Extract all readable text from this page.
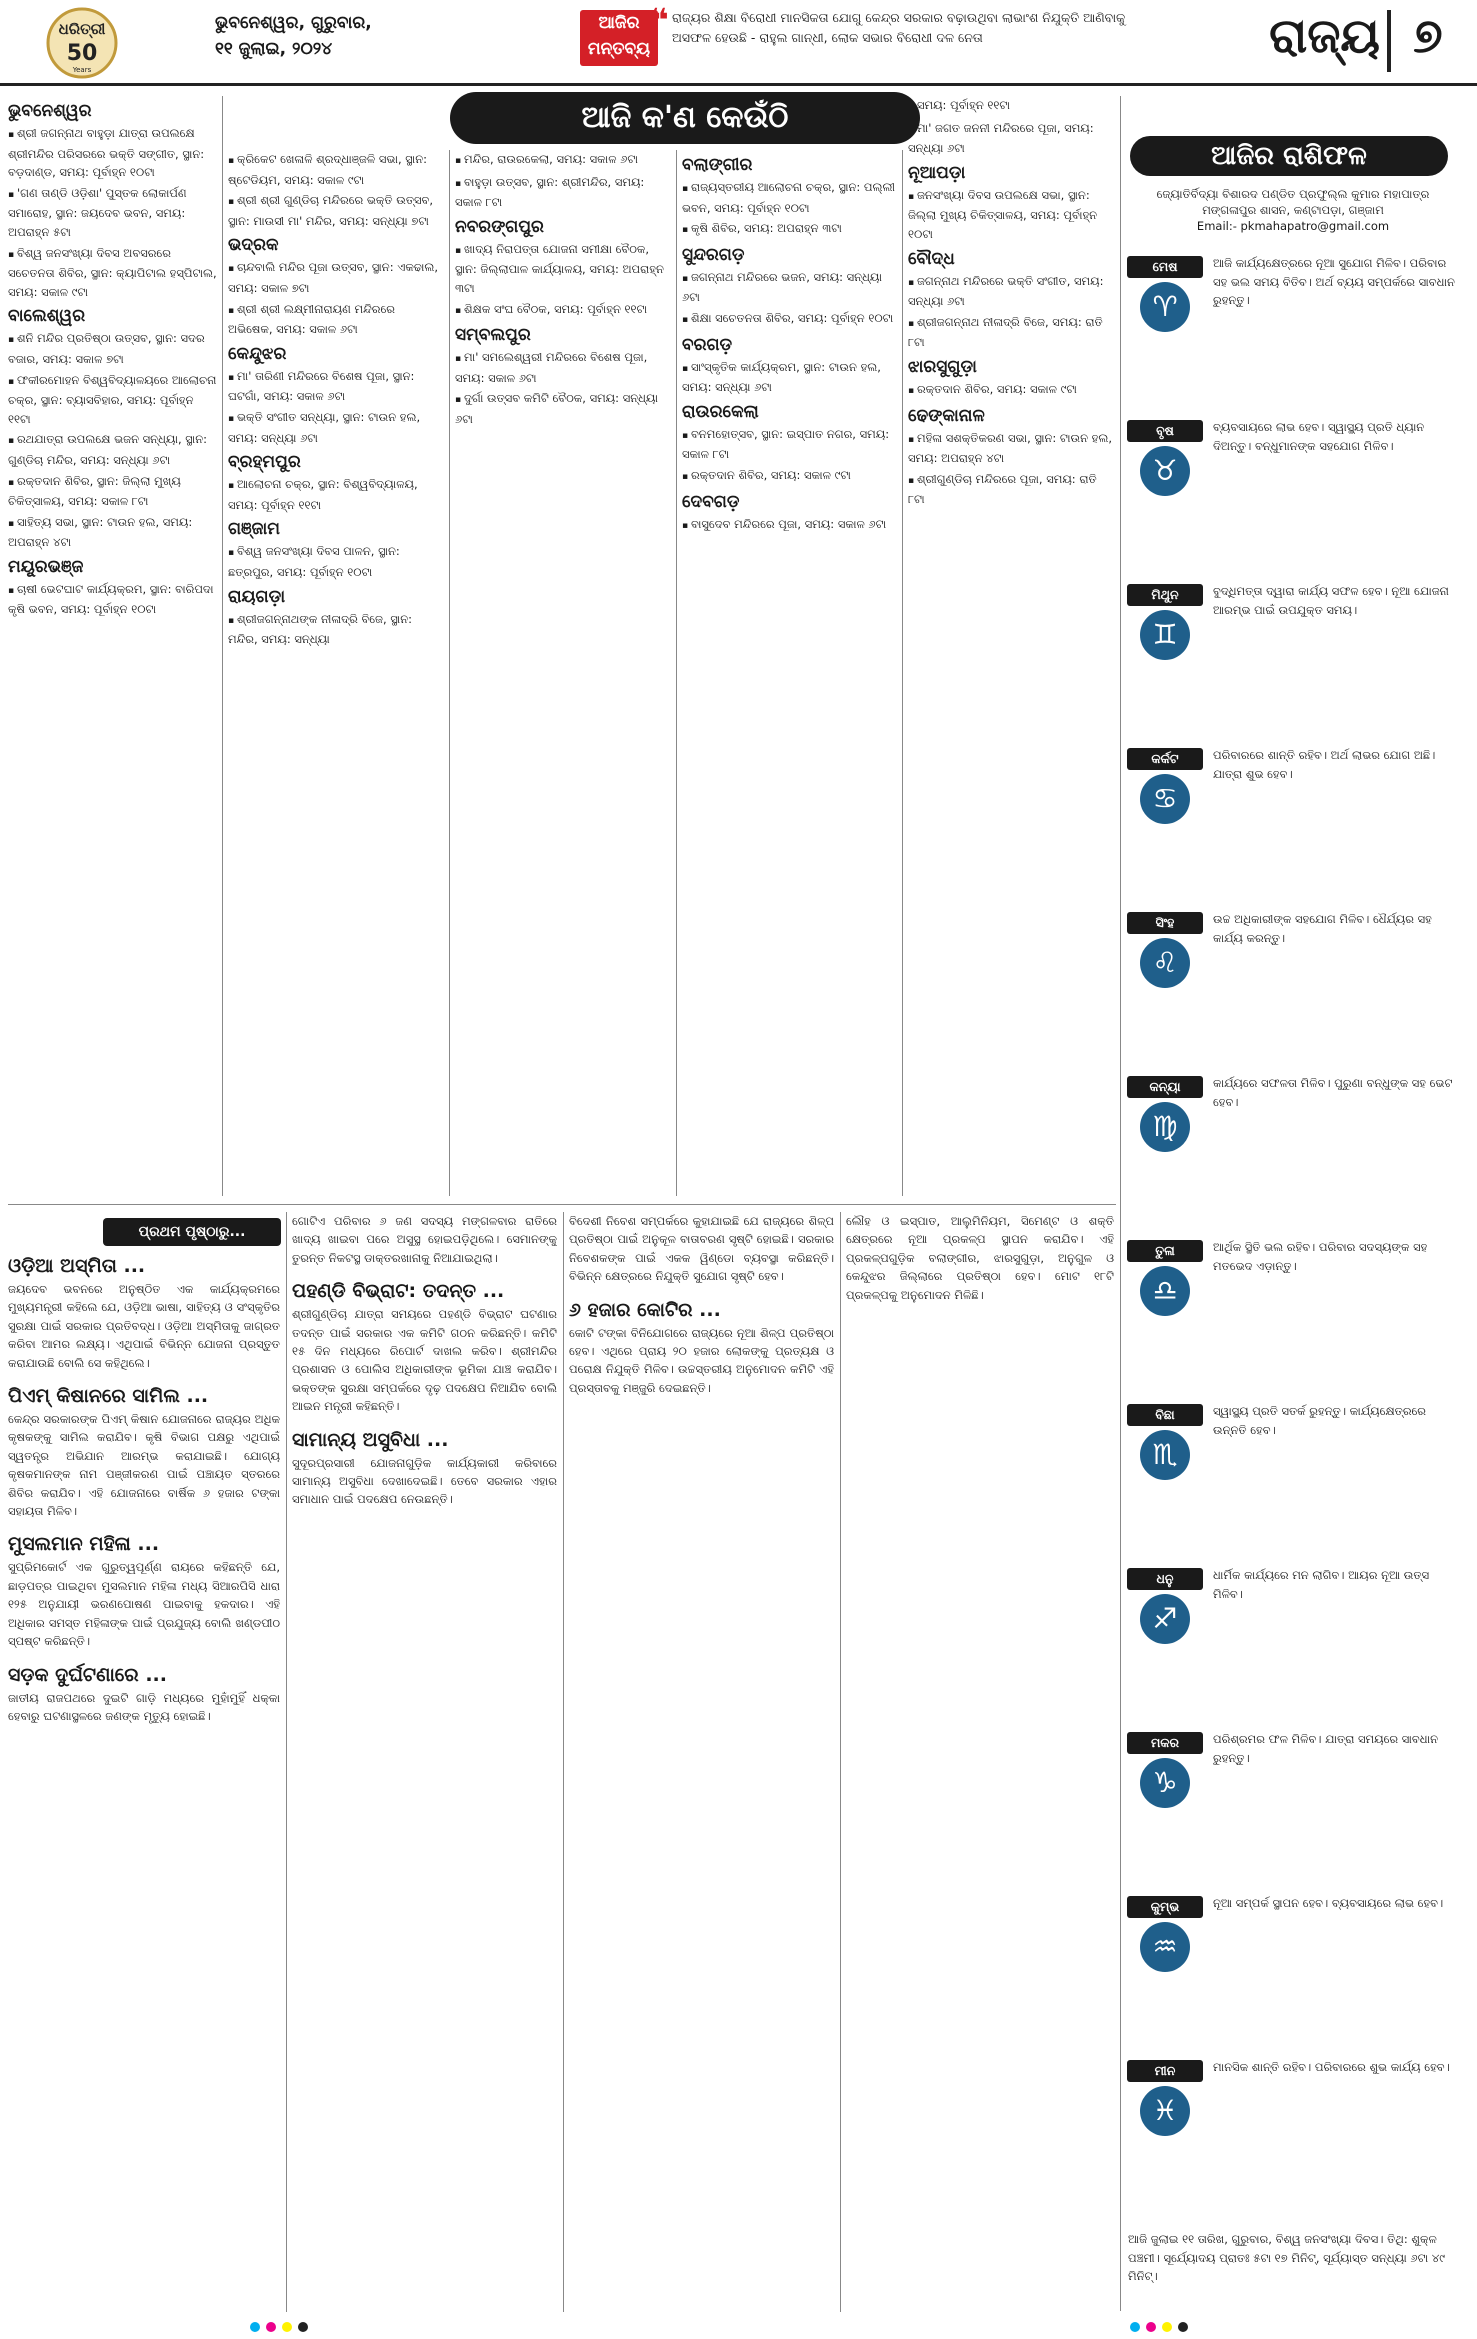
ଧରିତ୍ରୀ
50
Years
ଭୁବନେଶ୍ୱର, ଗୁରୁବାର,
୧୧ ଜୁଲାଇ, ୨୦୨୪
ଆଜିର ମନ୍ତବ୍ୟ
❝ ରାଜ୍ୟର ଶିକ୍ଷା ବିରୋଧୀ ମାନସିକତା ଯୋଗୁ କେନ୍ଦ୍ର ସରକାର ବଢ଼ାଉଥିବା ଲାଭାଂଶ ନିଯୁକ୍ତି ଆଣିବାକୁ ଅସଫଳ ହେଉଛି - ରାହୁଲ ଗାନ୍ଧୀ, ଲୋକ ସଭାର ବିରୋଧୀ ଦଳ ନେତା	ରାଜ୍ୟ ୭
ଆଜି କ'ଣ କେଉଁଠି
ଭୁବନେଶ୍ୱର
▪ ଶ୍ରୀ ଜଗନ୍ନାଥ ବାହୁଡ଼ା ଯାତ୍ରା ଉପଲକ୍ଷେ ଶ୍ରୀମନ୍ଦିର ପରିସରରେ ଭକ୍ତି ସଙ୍ଗୀତ, ସ୍ଥାନ: ବଡ଼ଦାଣ୍ଡ, ସମୟ: ପୂର୍ବାହ୍ନ ୧୦ଟା
▪ 'ଗଣ ତାଣ୍ଡି ଓଡ଼ିଶା' ପୁସ୍ତକ ଲୋକାର୍ପଣ ସମାରୋହ, ସ୍ଥାନ: ଜୟଦେବ ଭବନ, ସମୟ: ଅପରାହ୍ନ ୫ଟା
▪ ବିଶ୍ୱ ଜନସଂଖ୍ୟା ଦିବସ ଅବସରରେ ସଚେତନତା ଶିବିର, ସ୍ଥାନ: କ୍ୟାପିଟାଲ ହସ୍ପିଟାଲ, ସମୟ: ସକାଳ ୯ଟା
ବାଲେଶ୍ୱର
▪ ଶନି ମନ୍ଦିର ପ୍ରତିଷ୍ଠା ଉତ୍ସବ, ସ୍ଥାନ: ସଦର ବଜାର, ସମୟ: ସକାଳ ୭ଟା
▪ ଫକୀରମୋହନ ବିଶ୍ୱବିଦ୍ୟାଳୟରେ ଆଲୋଚନା ଚକ୍ର, ସ୍ଥାନ: ବ୍ୟାସବିହାର, ସମୟ: ପୂର୍ବାହ୍ନ ୧୧ଟା
▪ ରଥଯାତ୍ରା ଉପଲକ୍ଷେ ଭଜନ ସନ୍ଧ୍ୟା, ସ୍ଥାନ: ଗୁଣ୍ଡିଚା ମନ୍ଦିର, ସମୟ: ସନ୍ଧ୍ୟା ୬ଟା
▪ ରକ୍ତଦାନ ଶିବିର, ସ୍ଥାନ: ଜିଲ୍ଲା ମୁଖ୍ୟ ଚିକିତ୍ସାଳୟ, ସମୟ: ସକାଳ ୮ଟା
▪ ସାହିତ୍ୟ ସଭା, ସ୍ଥାନ: ଟାଉନ ହଲ, ସମୟ: ଅପରାହ୍ନ ୪ଟା
ମୟୂରଭଞ୍ଜ
▪ ଚାଷୀ ଭେଟଘାଟ କାର୍ଯ୍ୟକ୍ରମ, ସ୍ଥାନ: ବାରିପଦା କୃଷି ଭବନ, ସମୟ: ପୂର୍ବାହ୍ନ ୧୦ଟା
▪ କ୍ରିକେଟ ଖେଳାଳି ଶ୍ରଦ୍ଧାଞ୍ଜଳି ସଭା, ସ୍ଥାନ: ଷ୍ଟେଡିୟମ, ସମୟ: ସକାଳ ୯ଟା
▪ ଶ୍ରୀ ଶ୍ରୀ ଗୁଣ୍ଡିଚା ମନ୍ଦିରରେ ଭକ୍ତି ଉତ୍ସବ, ସ୍ଥାନ: ମାଉସୀ ମା' ମନ୍ଦିର, ସମୟ: ସନ୍ଧ୍ୟା ୭ଟା
ଭଦ୍ରକ
▪ ଚାନ୍ଦବାଲି ମନ୍ଦିର ପୂଜା ଉତ୍ସବ, ସ୍ଥାନ: ଏକଢାଲ, ସମୟ: ସକାଳ ୭ଟା
▪ ଶ୍ରୀ ଶ୍ରୀ ଲକ୍ଷ୍ମୀନାରାୟଣ ମନ୍ଦିରରେ ଅଭିଷେକ, ସମୟ: ସକାଳ ୬ଟା
କେନ୍ଦୁଝର
▪ ମା' ତାରିଣୀ ମନ୍ଦିରରେ ବିଶେଷ ପୂଜା, ସ୍ଥାନ: ଘଟଗାଁ, ସମୟ: ସକାଳ ୬ଟା
▪ ଭକ୍ତି ସଂଗୀତ ସନ୍ଧ୍ୟା, ସ୍ଥାନ: ଟାଉନ ହଲ, ସମୟ: ସନ୍ଧ୍ୟା ୬ଟା
ବ୍ରହ୍ମପୁର
▪ ଆଲୋଚନା ଚକ୍ର, ସ୍ଥାନ: ବିଶ୍ୱବିଦ୍ୟାଳୟ, ସମୟ: ପୂର୍ବାହ୍ନ ୧୧ଟା
ଗଞ୍ଜାମ
▪ ବିଶ୍ୱ ଜନସଂଖ୍ୟା ଦିବସ ପାଳନ, ସ୍ଥାନ: ଛତ୍ରପୁର, ସମୟ: ପୂର୍ବାହ୍ନ ୧୦ଟା
ରାୟଗଡ଼ା
▪ ଶ୍ରୀଜଗନ୍ନାଥଙ୍କ ନୀଳାଦ୍ରି ବିଜେ, ସ୍ଥାନ: ମନ୍ଦିର, ସମୟ: ସନ୍ଧ୍ୟା
▪ ମନ୍ଦିର, ରାଉରକେଲା, ସମୟ: ସକାଳ ୬ଟା
▪ ବାହୁଡ଼ା ଉତ୍ସବ, ସ୍ଥାନ: ଶ୍ରୀମନ୍ଦିର, ସମୟ: ସକାଳ ୮ଟା
ନବରଙ୍ଗପୁର
▪ ଖାଦ୍ୟ ନିରାପତ୍ତା ଯୋଜନା ସମୀକ୍ଷା ବୈଠକ, ସ୍ଥାନ: ଜିଲ୍ଲାପାଳ କାର୍ଯ୍ୟାଳୟ, ସମୟ: ଅପରାହ୍ନ ୩ଟା
▪ ଶିକ୍ଷକ ସଂଘ ବୈଠକ, ସମୟ: ପୂର୍ବାହ୍ନ ୧୧ଟା
ସମ୍ବଲପୁର
▪ ମା' ସମଲେଶ୍ୱରୀ ମନ୍ଦିରରେ ବିଶେଷ ପୂଜା, ସମୟ: ସକାଳ ୬ଟା
▪ ଦୁର୍ଗା ଉତ୍ସବ କମିଟି ବୈଠକ, ସମୟ: ସନ୍ଧ୍ୟା ୬ଟା
ବଲାଙ୍ଗୀର
▪ ରାଜ୍ୟସ୍ତରୀୟ ଆଲୋଚନା ଚକ୍ର, ସ୍ଥାନ: ପଲ୍ଲୀ ଭବନ, ସମୟ: ପୂର୍ବାହ୍ନ ୧୦ଟା
▪ କୃଷି ଶିବିର, ସମୟ: ଅପରାହ୍ନ ୩ଟା
ସୁନ୍ଦରଗଡ଼
▪ ଜଗନ୍ନାଥ ମନ୍ଦିରରେ ଭଜନ, ସମୟ: ସନ୍ଧ୍ୟା ୬ଟା
▪ ଶିକ୍ଷା ସଚେତନତା ଶିବିର, ସମୟ: ପୂର୍ବାହ୍ନ ୧୦ଟା
ବରଗଡ଼
▪ ସାଂସ୍କୃତିକ କାର୍ଯ୍ୟକ୍ରମ, ସ୍ଥାନ: ଟାଉନ ହଲ, ସମୟ: ସନ୍ଧ୍ୟା ୬ଟା
ରାଉରକେଲା
▪ ବନମହୋତ୍ସବ, ସ୍ଥାନ: ଇସ୍ପାତ ନଗର, ସମୟ: ସକାଳ ୮ଟା
▪ ରକ୍ତଦାନ ଶିବିର, ସମୟ: ସକାଳ ୯ଟା
ଦେବଗଡ଼
▪ ବାସୁଦେବ ମନ୍ଦିରରେ ପୂଜା, ସମୟ: ସକାଳ ୬ଟା
▪ ସମୟ: ପୂର୍ବାହ୍ନ ୧୧ଟା
▪ ମା' ଜଗତ ଜନନୀ ମନ୍ଦିରରେ ପୂଜା, ସମୟ: ସନ୍ଧ୍ୟା ୬ଟା
ନୂଆପଡ଼ା
▪ ଜନସଂଖ୍ୟା ଦିବସ ଉପଲକ୍ଷେ ସଭା, ସ୍ଥାନ: ଜିଲ୍ଲା ମୁଖ୍ୟ ଚିକିତ୍ସାଳୟ, ସମୟ: ପୂର୍ବାହ୍ନ ୧୦ଟା
ବୌଦ୍ଧ
▪ ଜଗନ୍ନାଥ ମନ୍ଦିରରେ ଭକ୍ତି ସଂଗୀତ, ସମୟ: ସନ୍ଧ୍ୟା ୬ଟା
▪ ଶ୍ରୀଜଗନ୍ନାଥ ନୀଳାଦ୍ରି ବିଜେ, ସମୟ: ରାତି ୮ଟା
ଝାରସୁଗୁଡ଼ା
▪ ରକ୍ତଦାନ ଶିବିର, ସମୟ: ସକାଳ ୯ଟା
ଢେଙ୍କାନାଳ
▪ ମହିଳା ସଶକ୍ତିକରଣ ସଭା, ସ୍ଥାନ: ଟାଉନ ହଲ, ସମୟ: ଅପରାହ୍ନ ୪ଟା
▪ ଶ୍ରୀଗୁଣ୍ଡିଚା ମନ୍ଦିରରେ ପୂଜା, ସମୟ: ରାତି ୮ଟା
ଆଜିର ରାଶିଫଳ
ଜ୍ୟୋତିର୍ବିଦ୍ୟା ବିଶାରଦ ପଣ୍ଡିତ ପ୍ରଫୁଲ୍ଲ କୁମାର ମହାପାତ୍ର
ମଙ୍ଗଳାପୁର ଶାସନ, କଣ୍ଟାପଡ଼ା, ଗଞ୍ଜାମ
Email:- pkmahapatro@gmail.com
ମେଷ
♈
ଆଜି କାର୍ଯ୍ୟକ୍ଷେତ୍ରରେ ନୂଆ ସୁଯୋଗ ମିଳିବ। ପରିବାର ସହ ଭଲ ସମୟ ବିତିବ। ଅର୍ଥ ବ୍ୟୟ ସମ୍ପର୍କରେ ସାବଧାନ ରୁହନ୍ତୁ।
ବୃଷ
♉
ବ୍ୟବସାୟରେ ଲାଭ ହେବ। ସ୍ୱାସ୍ଥ୍ୟ ପ୍ରତି ଧ୍ୟାନ ଦିଅନ୍ତୁ। ବନ୍ଧୁମାନଙ୍କ ସହଯୋଗ ମିଳିବ।
ମିଥୁନ
♊
ବୁଦ୍ଧିମତ୍ତା ଦ୍ୱାରା କାର୍ଯ୍ୟ ସଫଳ ହେବ। ନୂଆ ଯୋଜନା ଆରମ୍ଭ ପାଇଁ ଉପଯୁକ୍ତ ସମୟ।
କର୍କଟ
♋
ପରିବାରରେ ଶାନ୍ତି ରହିବ। ଅର୍ଥ ଲାଭର ଯୋଗ ଅଛି। ଯାତ୍ରା ଶୁଭ ହେବ।
ସିଂହ
♌
ଉଚ୍ଚ ଅଧିକାରୀଙ୍କ ସହଯୋଗ ମିଳିବ। ଧୈର୍ଯ୍ୟର ସହ କାର୍ଯ୍ୟ କରନ୍ତୁ।
କନ୍ୟା
♍
କାର୍ଯ୍ୟରେ ସଫଳତା ମିଳିବ। ପୁରୁଣା ବନ୍ଧୁଙ୍କ ସହ ଭେଟ ହେବ।
ତୁଳା
♎
ଆର୍ଥିକ ସ୍ଥିତି ଭଲ ରହିବ। ପରିବାର ସଦସ୍ୟଙ୍କ ସହ ମତଭେଦ ଏଡ଼ାନ୍ତୁ।
ବିଛା
♏
ସ୍ୱାସ୍ଥ୍ୟ ପ୍ରତି ସତର୍କ ରୁହନ୍ତୁ। କାର୍ଯ୍ୟକ୍ଷେତ୍ରରେ ଉନ୍ନତି ହେବ।
ଧନୁ
♐
ଧାର୍ମିକ କାର୍ଯ୍ୟରେ ମନ ଲାଗିବ। ଆୟର ନୂଆ ଉତ୍ସ ମିଳିବ।
ମକର
♑
ପରିଶ୍ରମର ଫଳ ମିଳିବ। ଯାତ୍ରା ସମୟରେ ସାବଧାନ ରୁହନ୍ତୁ।
କୁମ୍ଭ
♒
ନୂଆ ସମ୍ପର୍କ ସ୍ଥାପନ ହେବ। ବ୍ୟବସାୟରେ ଲାଭ ହେବ।
ମୀନ
♓
ମାନସିକ ଶାନ୍ତି ରହିବ। ପରିବାରରେ ଶୁଭ କାର୍ଯ୍ୟ ହେବ।
ଆଜି ଜୁଲାଇ ୧୧ ତାରିଖ, ଗୁରୁବାର, ବିଶ୍ୱ ଜନସଂଖ୍ୟା ଦିବସ। ତିଥି: ଶୁକ୍ଳ ପଞ୍ଚମୀ। ସୂର୍ଯ୍ୟୋଦୟ ପ୍ରାତଃ ୫ଟା ୧୭ ମିନିଟ୍, ସୂର୍ଯ୍ୟାସ୍ତ ସନ୍ଧ୍ୟା ୬ଟା ୪୯ ମିନିଟ୍।
ପ୍ରଥମ ପୃଷ୍ଠାରୁ...
ଓଡ଼ିଆ ଅସ୍ମିତା ...
ଜୟଦେବ ଭବନରେ ଅନୁଷ୍ଠିତ ଏକ କାର୍ଯ୍ୟକ୍ରମରେ ମୁଖ୍ୟମନ୍ତ୍ରୀ କହିଲେ ଯେ, ଓଡ଼ିଆ ଭାଷା, ସାହିତ୍ୟ ଓ ସଂସ୍କୃତିର ସୁରକ୍ଷା ପାଇଁ ସରକାର ପ୍ରତିବଦ୍ଧ। ଓଡ଼ିଆ ଅସ୍ମିତାକୁ ଜାଗ୍ରତ କରିବା ଆମର ଲକ୍ଷ୍ୟ। ଏଥିପାଇଁ ବିଭିନ୍ନ ଯୋଜନା ପ୍ରସ୍ତୁତ କରାଯାଉଛି ବୋଲି ସେ କହିଥିଲେ।
ପିଏମ୍ କିଷାନରେ ସାମିଲ ...
କେନ୍ଦ୍ର ସରକାରଙ୍କ ପିଏମ୍ କିଷାନ ଯୋଜନାରେ ରାଜ୍ୟର ଅଧିକ କୃଷକଙ୍କୁ ସାମିଲ କରାଯିବ। କୃଷି ବିଭାଗ ପକ୍ଷରୁ ଏଥିପାଇଁ ସ୍ୱତନ୍ତ୍ର ଅଭିଯାନ ଆରମ୍ଭ କରାଯାଇଛି। ଯୋଗ୍ୟ କୃଷକମାନଙ୍କ ନାମ ପଞ୍ଜୀକରଣ ପାଇଁ ପଞ୍ଚାୟତ ସ୍ତରରେ ଶିବିର କରାଯିବ। ଏହି ଯୋଜନାରେ ବାର୍ଷିକ ୬ ହଜାର ଟଙ୍କା ସହାୟତା ମିଳିବ।
ମୁସଲମାନ ମହିଳା ...
ସୁପ୍ରିମକୋର୍ଟ ଏକ ଗୁରୁତ୍ୱପୂର୍ଣ୍ଣ ରାୟରେ କହିଛନ୍ତି ଯେ, ଛାଡ଼ପତ୍ର ପାଇଥିବା ମୁସଲମାନ ମହିଳା ମଧ୍ୟ ସିଆରପିସି ଧାରା ୧୨୫ ଅନୁଯାୟୀ ଭରଣପୋଷଣ ପାଇବାକୁ ହକଦାର। ଏହି ଅଧିକାର ସମସ୍ତ ମହିଳାଙ୍କ ପାଇଁ ପ୍ରଯୁଜ୍ୟ ବୋଲି ଖଣ୍ଡପୀଠ ସ୍ପଷ୍ଟ କରିଛନ୍ତି।
ସଡ଼କ ଦୁର୍ଘଟଣାରେ ...
ଜାତୀୟ ରାଜପଥରେ ଦୁଇଟି ଗାଡ଼ି ମଧ୍ୟରେ ମୁହାଁମୁହିଁ ଧକ୍କା ହେବାରୁ ଘଟଣାସ୍ଥଳରେ ଜଣଙ୍କ ମୃତ୍ୟୁ ହୋଇଛି।
ଗୋଟିଏ ପରିବାର ୬ ଜଣ ସଦସ୍ୟ ମଙ୍ଗଳବାର ରାତିରେ ଖାଦ୍ୟ ଖାଇବା ପରେ ଅସୁସ୍ଥ ହୋଇପଡ଼ିଥିଲେ। ସେମାନଙ୍କୁ ତୁରନ୍ତ ନିକଟସ୍ଥ ଡାକ୍ତରଖାନାକୁ ନିଆଯାଇଥିଲା।
ପହଣ୍ଡି ବିଭ୍ରାଟ: ତଦନ୍ତ ...
ଶ୍ରୀଗୁଣ୍ଡିଚା ଯାତ୍ରା ସମୟରେ ପହଣ୍ଡି ବିଭ୍ରାଟ ଘଟଣାର ତଦନ୍ତ ପାଇଁ ସରକାର ଏକ କମିଟି ଗଠନ କରିଛନ୍ତି। କମିଟି ୧୫ ଦିନ ମଧ୍ୟରେ ରିପୋର୍ଟ ଦାଖଲ କରିବ। ଶ୍ରୀମନ୍ଦିର ପ୍ରଶାସନ ଓ ପୋଲିସ ଅଧିକାରୀଙ୍କ ଭୂମିକା ଯାଞ୍ଚ କରାଯିବ। ଭକ୍ତଙ୍କ ସୁରକ୍ଷା ସମ୍ପର୍କରେ ଦୃଢ଼ ପଦକ୍ଷେପ ନିଆଯିବ ବୋଲି ଆଇନ ମନ୍ତ୍ରୀ କହିଛନ୍ତି।
ସାମାନ୍ୟ ଅସୁବିଧା ...
ସୁଦୂରପ୍ରସାରୀ ଯୋଜନାଗୁଡ଼ିକ କାର୍ଯ୍ୟକାରୀ କରିବାରେ ସାମାନ୍ୟ ଅସୁବିଧା ଦେଖାଦେଇଛି। ତେବେ ସରକାର ଏହାର ସମାଧାନ ପାଇଁ ପଦକ୍ଷେପ ନେଉଛନ୍ତି।
ବିଦେଶୀ ନିବେଶ ସମ୍ପର୍କରେ କୁହାଯାଇଛି ଯେ ରାଜ୍ୟରେ ଶିଳ୍ପ ପ୍ରତିଷ୍ଠା ପାଇଁ ଅନୁକୂଳ ବାତାବରଣ ସୃଷ୍ଟି ହୋଇଛି। ସରକାର ନିବେଶକଙ୍କ ପାଇଁ ଏକକ ୱିଣ୍ଡୋ ବ୍ୟବସ୍ଥା କରିଛନ୍ତି। ବିଭିନ୍ନ କ୍ଷେତ୍ରରେ ନିଯୁକ୍ତି ସୁଯୋଗ ସୃଷ୍ଟି ହେବ।
୬ ହଜାର କୋଟିର ...
କୋଟି ଟଙ୍କା ବିନିଯୋଗରେ ରାଜ୍ୟରେ ନୂଆ ଶିଳ୍ପ ପ୍ରତିଷ୍ଠା ହେବ। ଏଥିରେ ପ୍ରାୟ ୨୦ ହଜାର ଲୋକଙ୍କୁ ପ୍ରତ୍ୟକ୍ଷ ଓ ପରୋକ୍ଷ ନିଯୁକ୍ତି ମିଳିବ। ଉଚ୍ଚସ୍ତରୀୟ ଅନୁମୋଦନ କମିଟି ଏହି ପ୍ରସ୍ତାବକୁ ମଞ୍ଜୁରି ଦେଇଛନ୍ତି।
ଲୌହ ଓ ଇସ୍ପାତ, ଆଲୁମିନିୟମ, ସିମେଣ୍ଟ ଓ ଶକ୍ତି କ୍ଷେତ୍ରରେ ନୂଆ ପ୍ରକଳ୍ପ ସ୍ଥାପନ କରାଯିବ। ଏହି ପ୍ରକଳ୍ପଗୁଡ଼ିକ ବଲାଙ୍ଗୀର, ଝାରସୁଗୁଡ଼ା, ଅନୁଗୁଳ ଓ କେନ୍ଦୁଝର ଜିଲ୍ଲାରେ ପ୍ରତିଷ୍ଠା ହେବ। ମୋଟ ୧୮ଟି ପ୍ରକଳ୍ପକୁ ଅନୁମୋଦନ ମିଳିଛି।
